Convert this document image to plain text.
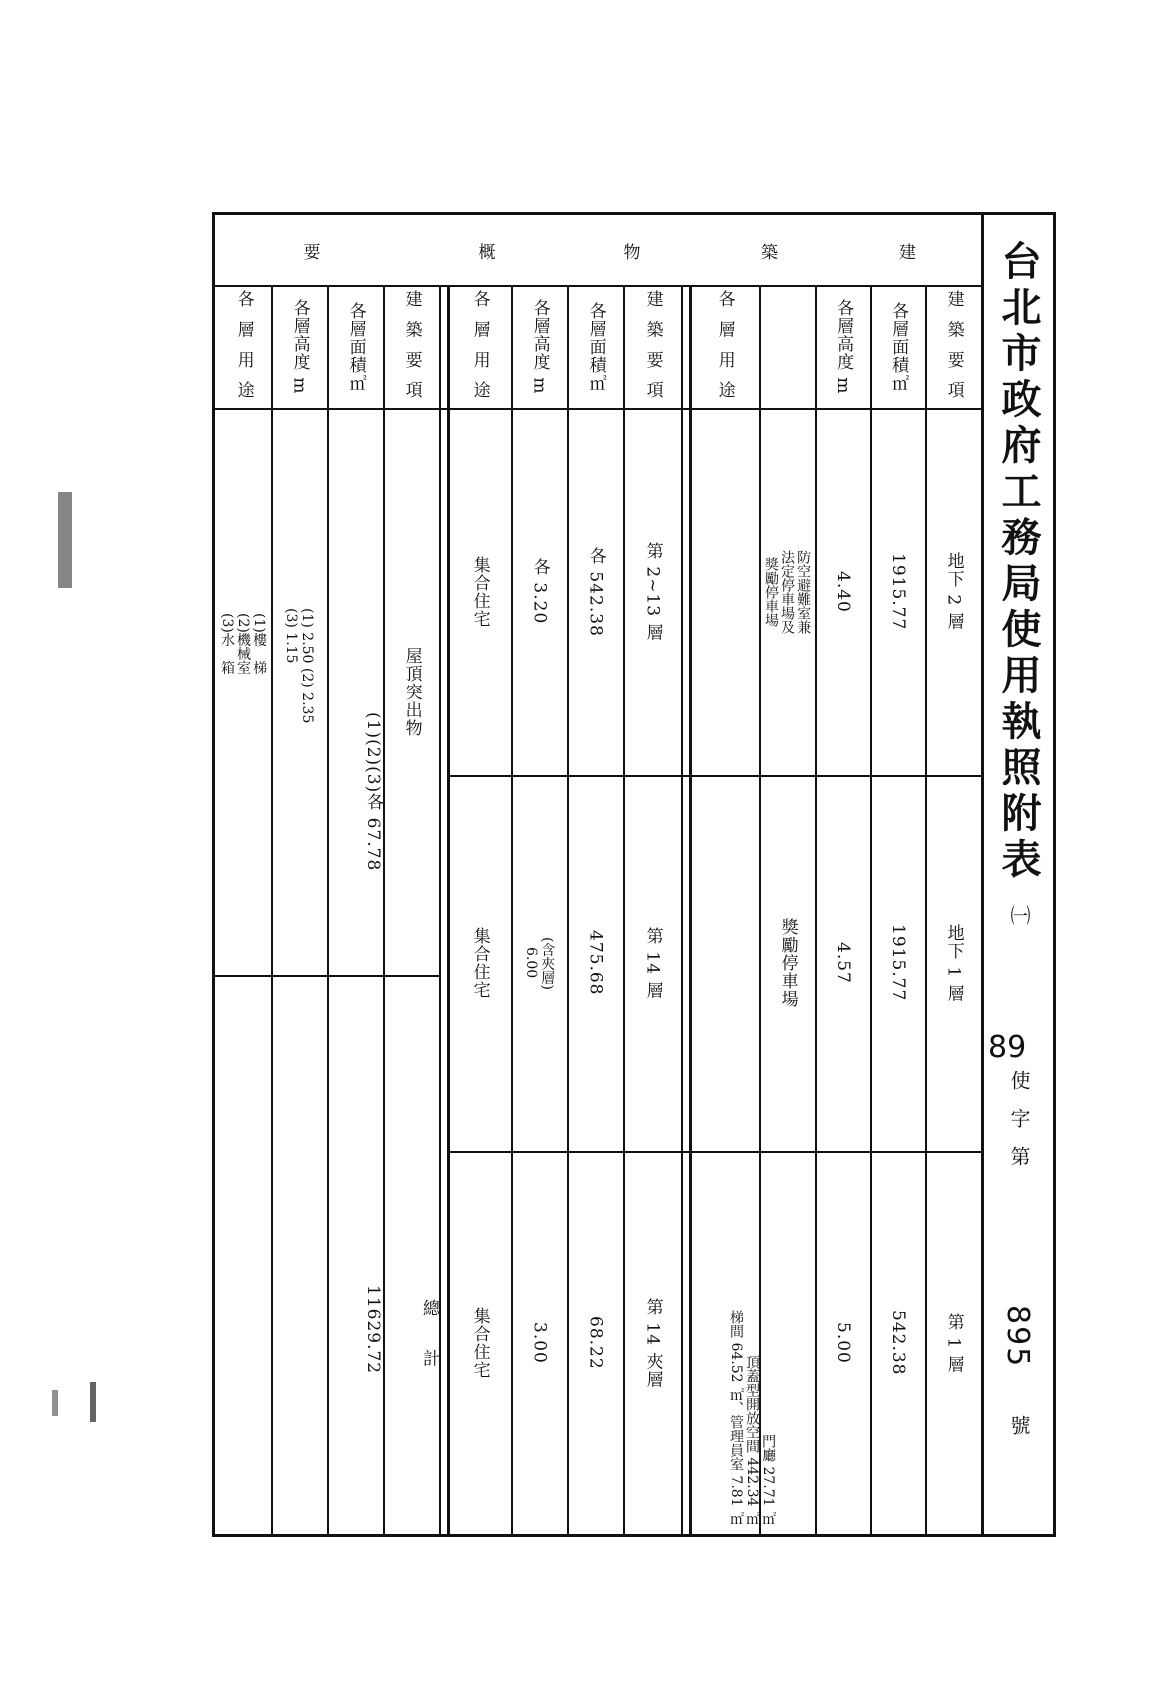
台北市政府工務局使用執照附表
㈠
89
使字第
895
號
建
築
物
概
要
建 築 要 項
各層面積㎡
各層高度 m
各 層 用 途
地下 2 層
1915.77
4.40
防空避難室兼
法定停車場及
獎勵停車場
地下 1 層
1915.77
4.57
獎勵停車場
第 1 層
542.38
5.00
門廳 27.71 ㎡
頂蓋型開放空間 442.34 ㎡
梯間 64.52 ㎡、管理員室 7.81 ㎡
建 築 要 項
各層面積㎡
各層高度 m
各 層 用 途
第 2~13 層
各 542.38
各 3.20
集合住宅
第 14 層
475.68
(含夾層)
6.00
集合住宅
第 14 夾層
68.22
3.00
集合住宅
建 築 要 項
各層面積㎡
各層高度 m
各 層 用 途
屋頂突出物
(1)(2)(3)各 67.78
(1) 2.50 (2) 2.35
(3) 1.15
(1)樓　梯
(2)機械室
(3)水　箱
總 計
11629.72
